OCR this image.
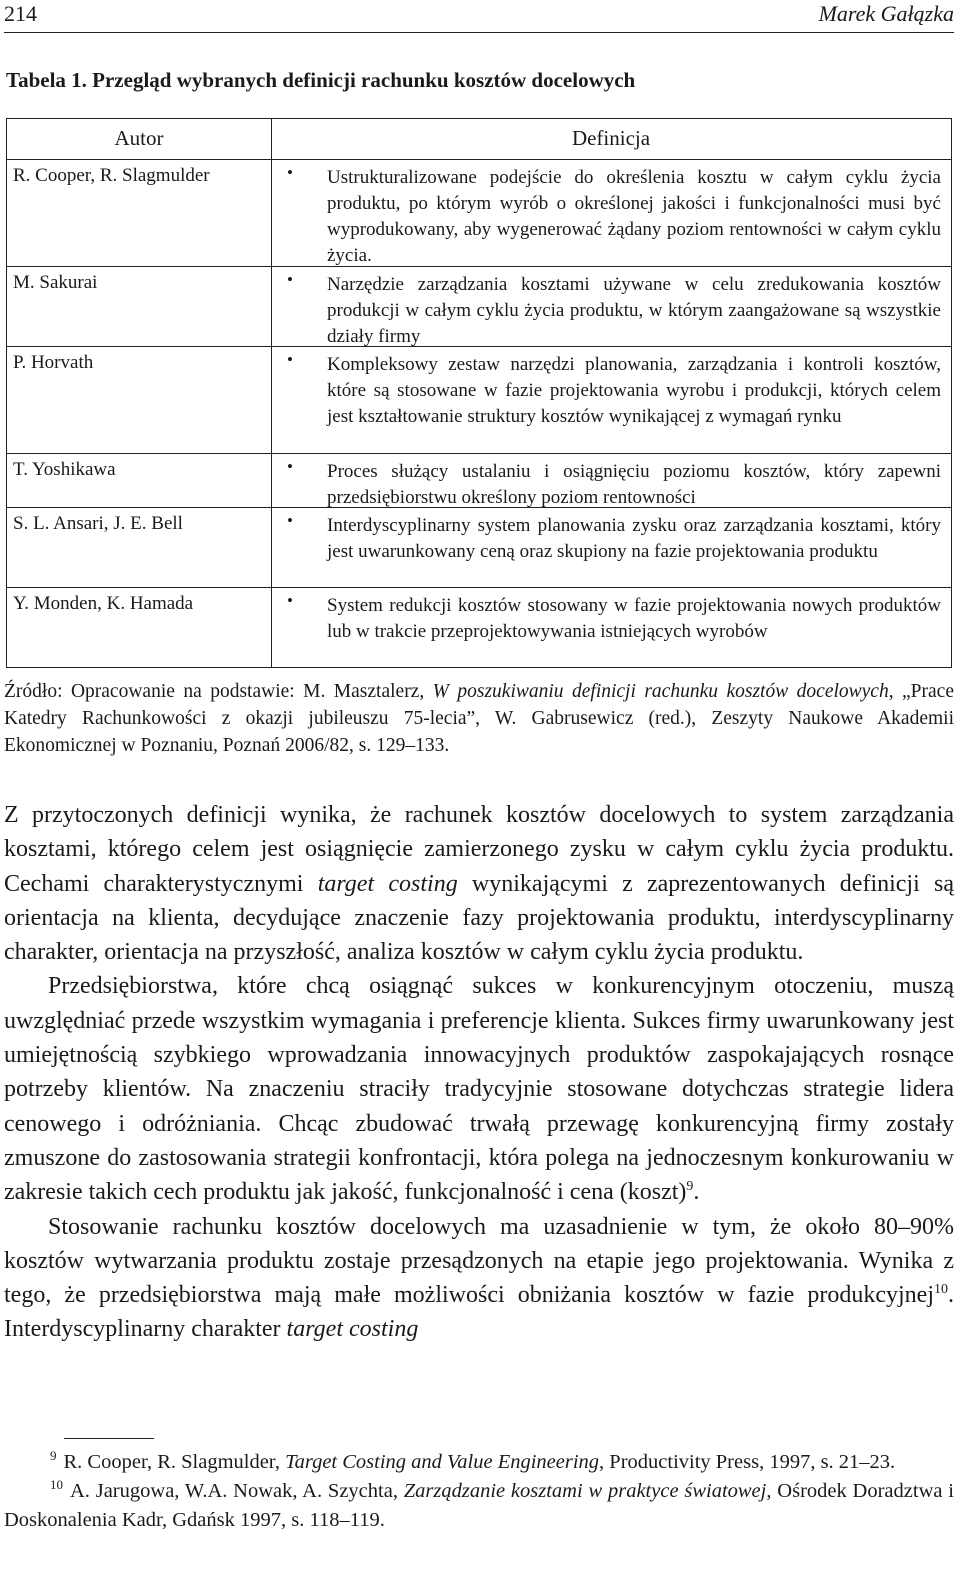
214	Marek Gałązka
Tabela 1. Przegląd wybranych definicji rachunku kosztów docelowych
Autor	Definicja
R. Cooper, R. Slagmulder	• Ustrukturalizowane podejście do określenia kosztu w całym cyklu życia produktu, po którym wyrób o określonej jakości i funkcjonalności musi być wyprodukowany, aby wygenerować żądany poziom rentowności w całym cyklu życia.
M. Sakurai	• Narzędzie zarządzania kosztami używane w celu zredukowania kosztów produkcji w całym cyklu życia produktu, w którym zaangażowane są wszystkie działy firmy
P. Horvath	• Kompleksowy zestaw narzędzi planowania, zarządzania i kontroli kosztów, które są stosowane w fazie projektowania wyrobu i produkcji, których celem jest kształtowanie struktury kosztów wynikającej z wymagań rynku
T. Yoshikawa	• Proces służący ustalaniu i osiągnięciu poziomu kosztów, który zapewni przedsiębiorstwu określony poziom rentowności
S. L. Ansari, J. E. Bell	• Interdyscyplinarny system planowania zysku oraz zarządzania kosztami, który jest uwarunkowany ceną oraz skupiony na fazie projektowania produktu
Y. Monden, K. Hamada	• System redukcji kosztów stosowany w fazie projektowania nowych produktów lub w trakcie przeprojektowywania istniejących wyrobów
Źródło: Opracowanie na podstawie: M. Masztalerz, W poszukiwaniu definicji rachunku kosztów docelowych, „Prace Katedry Rachunkowości z okazji jubileuszu 75-lecia”, W. Gabrusewicz (red.), Zeszyty Naukowe Akademii Ekonomicznej w Poznaniu, Poznań 2006/82, s. 129–133.

Z przytoczonych definicji wynika, że rachunek kosztów docelowych to system zarządzania kosztami, którego celem jest osiągnięcie zamierzonego zysku w całym cyklu życia produktu. Cechami charakterystycznymi target costing wynikającymi z zaprezentowanych definicji są orientacja na klienta, decydujące znaczenie fazy projektowania produktu, interdyscyplinarny charakter, orientacja na przyszłość, analiza kosztów w całym cyklu życia produktu.

Przedsiębiorstwa, które chcą osiągnąć sukces w konkurencyjnym otoczeniu, muszą uwzględniać przede wszystkim wymagania i preferencje klienta. Sukces firmy uwarunkowany jest umiejętnością szybkiego wprowadzania innowacyjnych produktów zaspokajających rosnące potrzeby klientów. Na znaczeniu straciły tradycyjnie stosowane dotychczas strategie lidera cenowego i odróżniania. Chcąc zbudować trwałą przewagę konkurencyjną firmy zostały zmuszone do zastosowania strategii konfrontacji, która polega na jednoczesnym konkurowaniu w zakresie takich cech produktu jak jakość, funkcjonalność i cena (koszt)$^9$.

Stosowanie rachunku kosztów docelowych ma uzasadnienie w tym, że około 80–90% kosztów wytwarzania produktu zostaje przesądzonych na etapie jego projektowania. Wynika z tego, że przedsiębiorstwa mają małe możliwości obniżania kosztów w fazie produkcyjnej$^{10}$. Interdyscyplinarny charakter target costing

$^9$ R. Cooper, R. Slagmulder, Target Costing and Value Engineering, Productivity Press, 1997, s. 21–23.

$^{10}$ A. Jarugowa, W.A. Nowak, A. Szychta, Zarządzanie kosztami w praktyce światowej, Ośrodek Doradztwa i Doskonalenia Kadr, Gdańsk 1997, s. 118–119.
